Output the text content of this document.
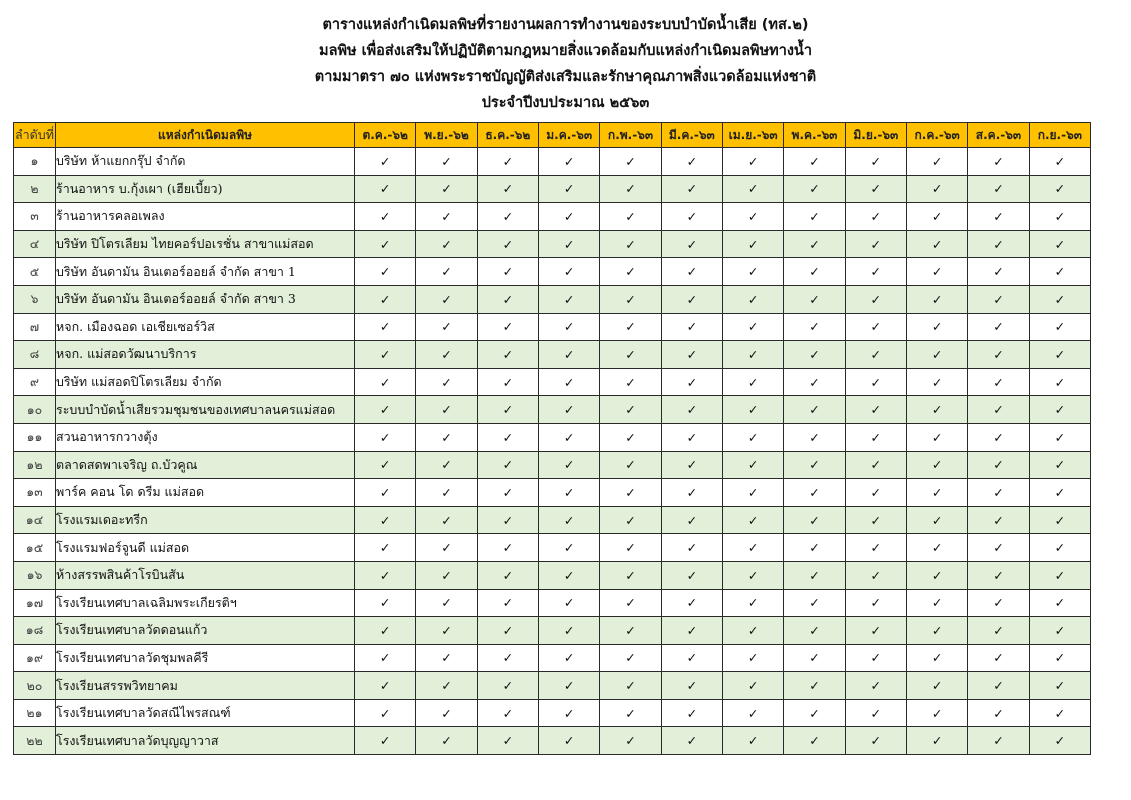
ตารางแหล่งกำเนิดมลพิษที่รายงานผลการทำงานของระบบบำบัดน้ำเสีย (ทส.๒)
มลพิษ เพื่อส่งเสริมให้ปฏิบัติตามกฎหมายสิ่งแวดล้อมกับแหล่งกำเนิดมลพิษทางน้ำ
ตามมาตรา ๗๐ แห่งพระราชบัญญัติส่งเสริมและรักษาคุณภาพสิ่งแวดล้อมแห่งชาติ
ประจำปีงบประมาณ ๒๕๖๓
ลำดับที่	แหล่งกำเนิดมลพิษ	ต.ค.-๖๒	พ.ย.-๖๒	ธ.ค.-๖๒	ม.ค.-๖๓	ก.พ.-๖๓	มี.ค.-๖๓	เม.ย.-๖๓	พ.ค.-๖๓	มิ.ย.-๖๓	ก.ค.-๖๓	ส.ค.-๖๓	ก.ย.-๖๓
๑	บริษัท ห้าแยกกรุ๊ป จำกัด	✓	✓	✓	✓	✓	✓	✓	✓	✓	✓	✓	✓
๒	ร้านอาหาร บ.กุ้งเผา (เฮียเบี้ยว)	✓	✓	✓	✓	✓	✓	✓	✓	✓	✓	✓	✓
๓	ร้านอาหารคลอเพลง	✓	✓	✓	✓	✓	✓	✓	✓	✓	✓	✓	✓
๔	บริษัท ปิโตรเลียม ไทยคอร์ปอเรชั่น สาขาแม่สอด	✓	✓	✓	✓	✓	✓	✓	✓	✓	✓	✓	✓
๕	บริษัท อันดามัน อินเตอร์ออยล์ จำกัด สาขา 1	✓	✓	✓	✓	✓	✓	✓	✓	✓	✓	✓	✓
๖	บริษัท อันดามัน อินเตอร์ออยล์ จำกัด สาขา 3	✓	✓	✓	✓	✓	✓	✓	✓	✓	✓	✓	✓
๗	หจก. เมืองฉอด เอเชียเซอร์วิส	✓	✓	✓	✓	✓	✓	✓	✓	✓	✓	✓	✓
๘	หจก. แม่สอดวัฒนาบริการ	✓	✓	✓	✓	✓	✓	✓	✓	✓	✓	✓	✓
๙	บริษัท แม่สอดปิโตรเลียม จำกัด	✓	✓	✓	✓	✓	✓	✓	✓	✓	✓	✓	✓
๑๐	ระบบบำบัดน้ำเสียรวมชุมชนของเทศบาลนครแม่สอด	✓	✓	✓	✓	✓	✓	✓	✓	✓	✓	✓	✓
๑๑	สวนอาหารกวางตุ้ง	✓	✓	✓	✓	✓	✓	✓	✓	✓	✓	✓	✓
๑๒	ตลาดสดพาเจริญ ถ.บัวคูณ	✓	✓	✓	✓	✓	✓	✓	✓	✓	✓	✓	✓
๑๓	พาร์ค คอน โด ดรีม แม่สอด	✓	✓	✓	✓	✓	✓	✓	✓	✓	✓	✓	✓
๑๔	โรงแรมเดอะทรีก	✓	✓	✓	✓	✓	✓	✓	✓	✓	✓	✓	✓
๑๕	โรงแรมฟอร์จูนดี แม่สอด	✓	✓	✓	✓	✓	✓	✓	✓	✓	✓	✓	✓
๑๖	ห้างสรรพสินค้าโรบินสัน	✓	✓	✓	✓	✓	✓	✓	✓	✓	✓	✓	✓
๑๗	โรงเรียนเทศบาลเฉลิมพระเกียรติฯ	✓	✓	✓	✓	✓	✓	✓	✓	✓	✓	✓	✓
๑๘	โรงเรียนเทศบาลวัดดอนแก้ว	✓	✓	✓	✓	✓	✓	✓	✓	✓	✓	✓	✓
๑๙	โรงเรียนเทศบาลวัดชุมพลคีรี	✓	✓	✓	✓	✓	✓	✓	✓	✓	✓	✓	✓
๒๐	โรงเรียนสรรพวิทยาคม	✓	✓	✓	✓	✓	✓	✓	✓	✓	✓	✓	✓
๒๑	โรงเรียนเทศบาลวัดสณีไพรสณฑ์	✓	✓	✓	✓	✓	✓	✓	✓	✓	✓	✓	✓
๒๒	โรงเรียนเทศบาลวัดบุญญาวาส	✓	✓	✓	✓	✓	✓	✓	✓	✓	✓	✓	✓
